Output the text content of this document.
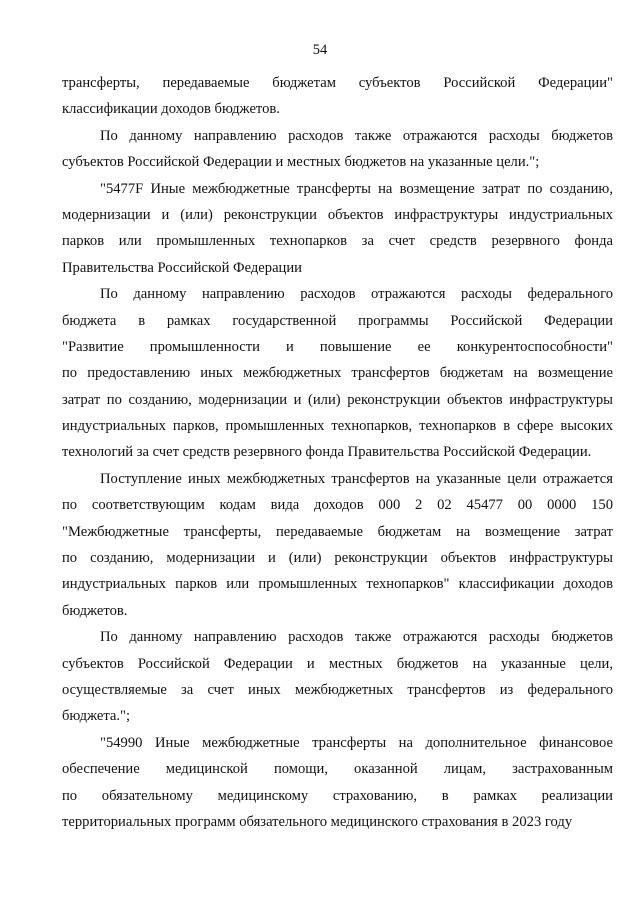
54
трансферты, передаваемые бюджетам субъектов Российской Федерации"
классификации доходов бюджетов.
По данному направлению расходов также отражаются расходы бюджетов
субъектов Российской Федерации и местных бюджетов на указанные цели.";
"5477F Иные межбюджетные трансферты на возмещение затрат по созданию,
модернизации и (или) реконструкции объектов инфраструктуры индустриальных
парков или промышленных технопарков за счет средств резервного фонда
Правительства Российской Федерации
По данному направлению расходов отражаются расходы федерального
бюджета в рамках государственной программы Российской Федерации
"Развитие промышленности и повышение ее конкурентоспособности"
по предоставлению иных межбюджетных трансфертов бюджетам на возмещение
затрат по созданию, модернизации и (или) реконструкции объектов инфраструктуры
индустриальных парков, промышленных технопарков, технопарков в сфере высоких
технологий за счет средств резервного фонда Правительства Российской Федерации.
Поступление иных межбюджетных трансфертов на указанные цели отражается
по соответствующим кодам вида доходов 000 2 02 45477 00 0000 150
"Межбюджетные трансферты, передаваемые бюджетам на возмещение затрат
по созданию, модернизации и (или) реконструкции объектов инфраструктуры
индустриальных парков или промышленных технопарков" классификации доходов
бюджетов.
По данному направлению расходов также отражаются расходы бюджетов
субъектов Российской Федерации и местных бюджетов на указанные цели,
осуществляемые за счет иных межбюджетных трансфертов из федерального
бюджета.";
"54990 Иные межбюджетные трансферты на дополнительное финансовое
обеспечение медицинской помощи, оказанной лицам, застрахованным
по обязательному медицинскому страхованию, в рамках реализации
территориальных программ обязательного медицинского страхования в 2023 году
